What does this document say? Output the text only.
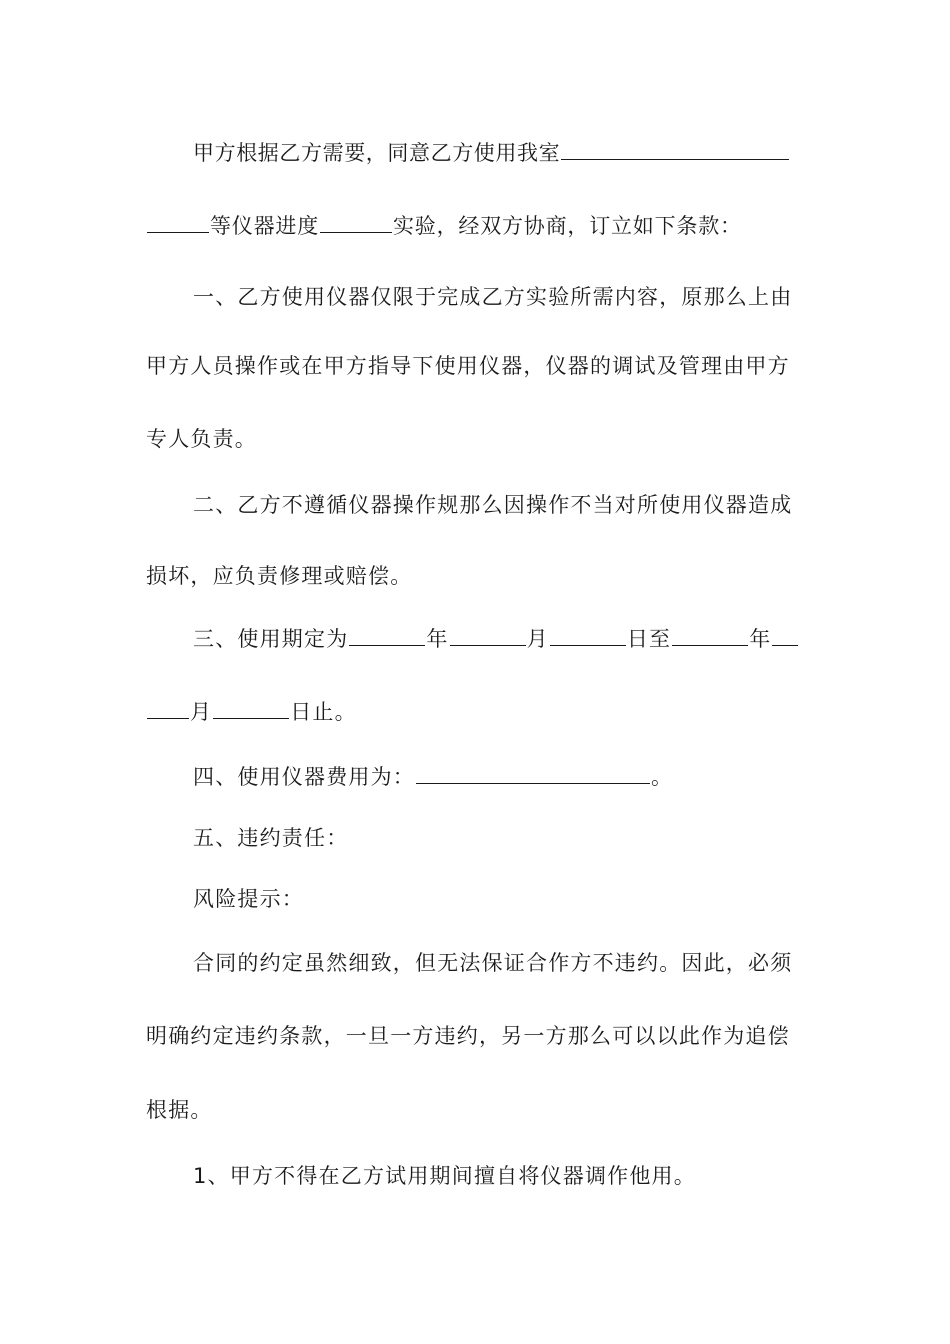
甲方根据乙方需要，同意乙方使用我室
等仪器进度	实验，经双方协商，订立如下条款：
一、乙方使用仪器仅限于完成乙方实验所需内容，原那么上由
甲方人员操作或在甲方指导下使用仪器，仪器的调试及管理由甲方
专人负责。
二、乙方不遵循仪器操作规那么因操作不当对所使用仪器造成
损坏，应负责修理或赔偿。
三、使用期定为	年	月	日至	年
月	日止。
四、使用仪器费用为：	。
五、违约责任：
风险提示：
合同的约定虽然细致，但无法保证合作方不违约。因此，必须
明确约定违约条款，一旦一方违约，另一方那么可以以此作为追偿
根据。
1、甲方不得在乙方试用期间擅自将仪器调作他用。
